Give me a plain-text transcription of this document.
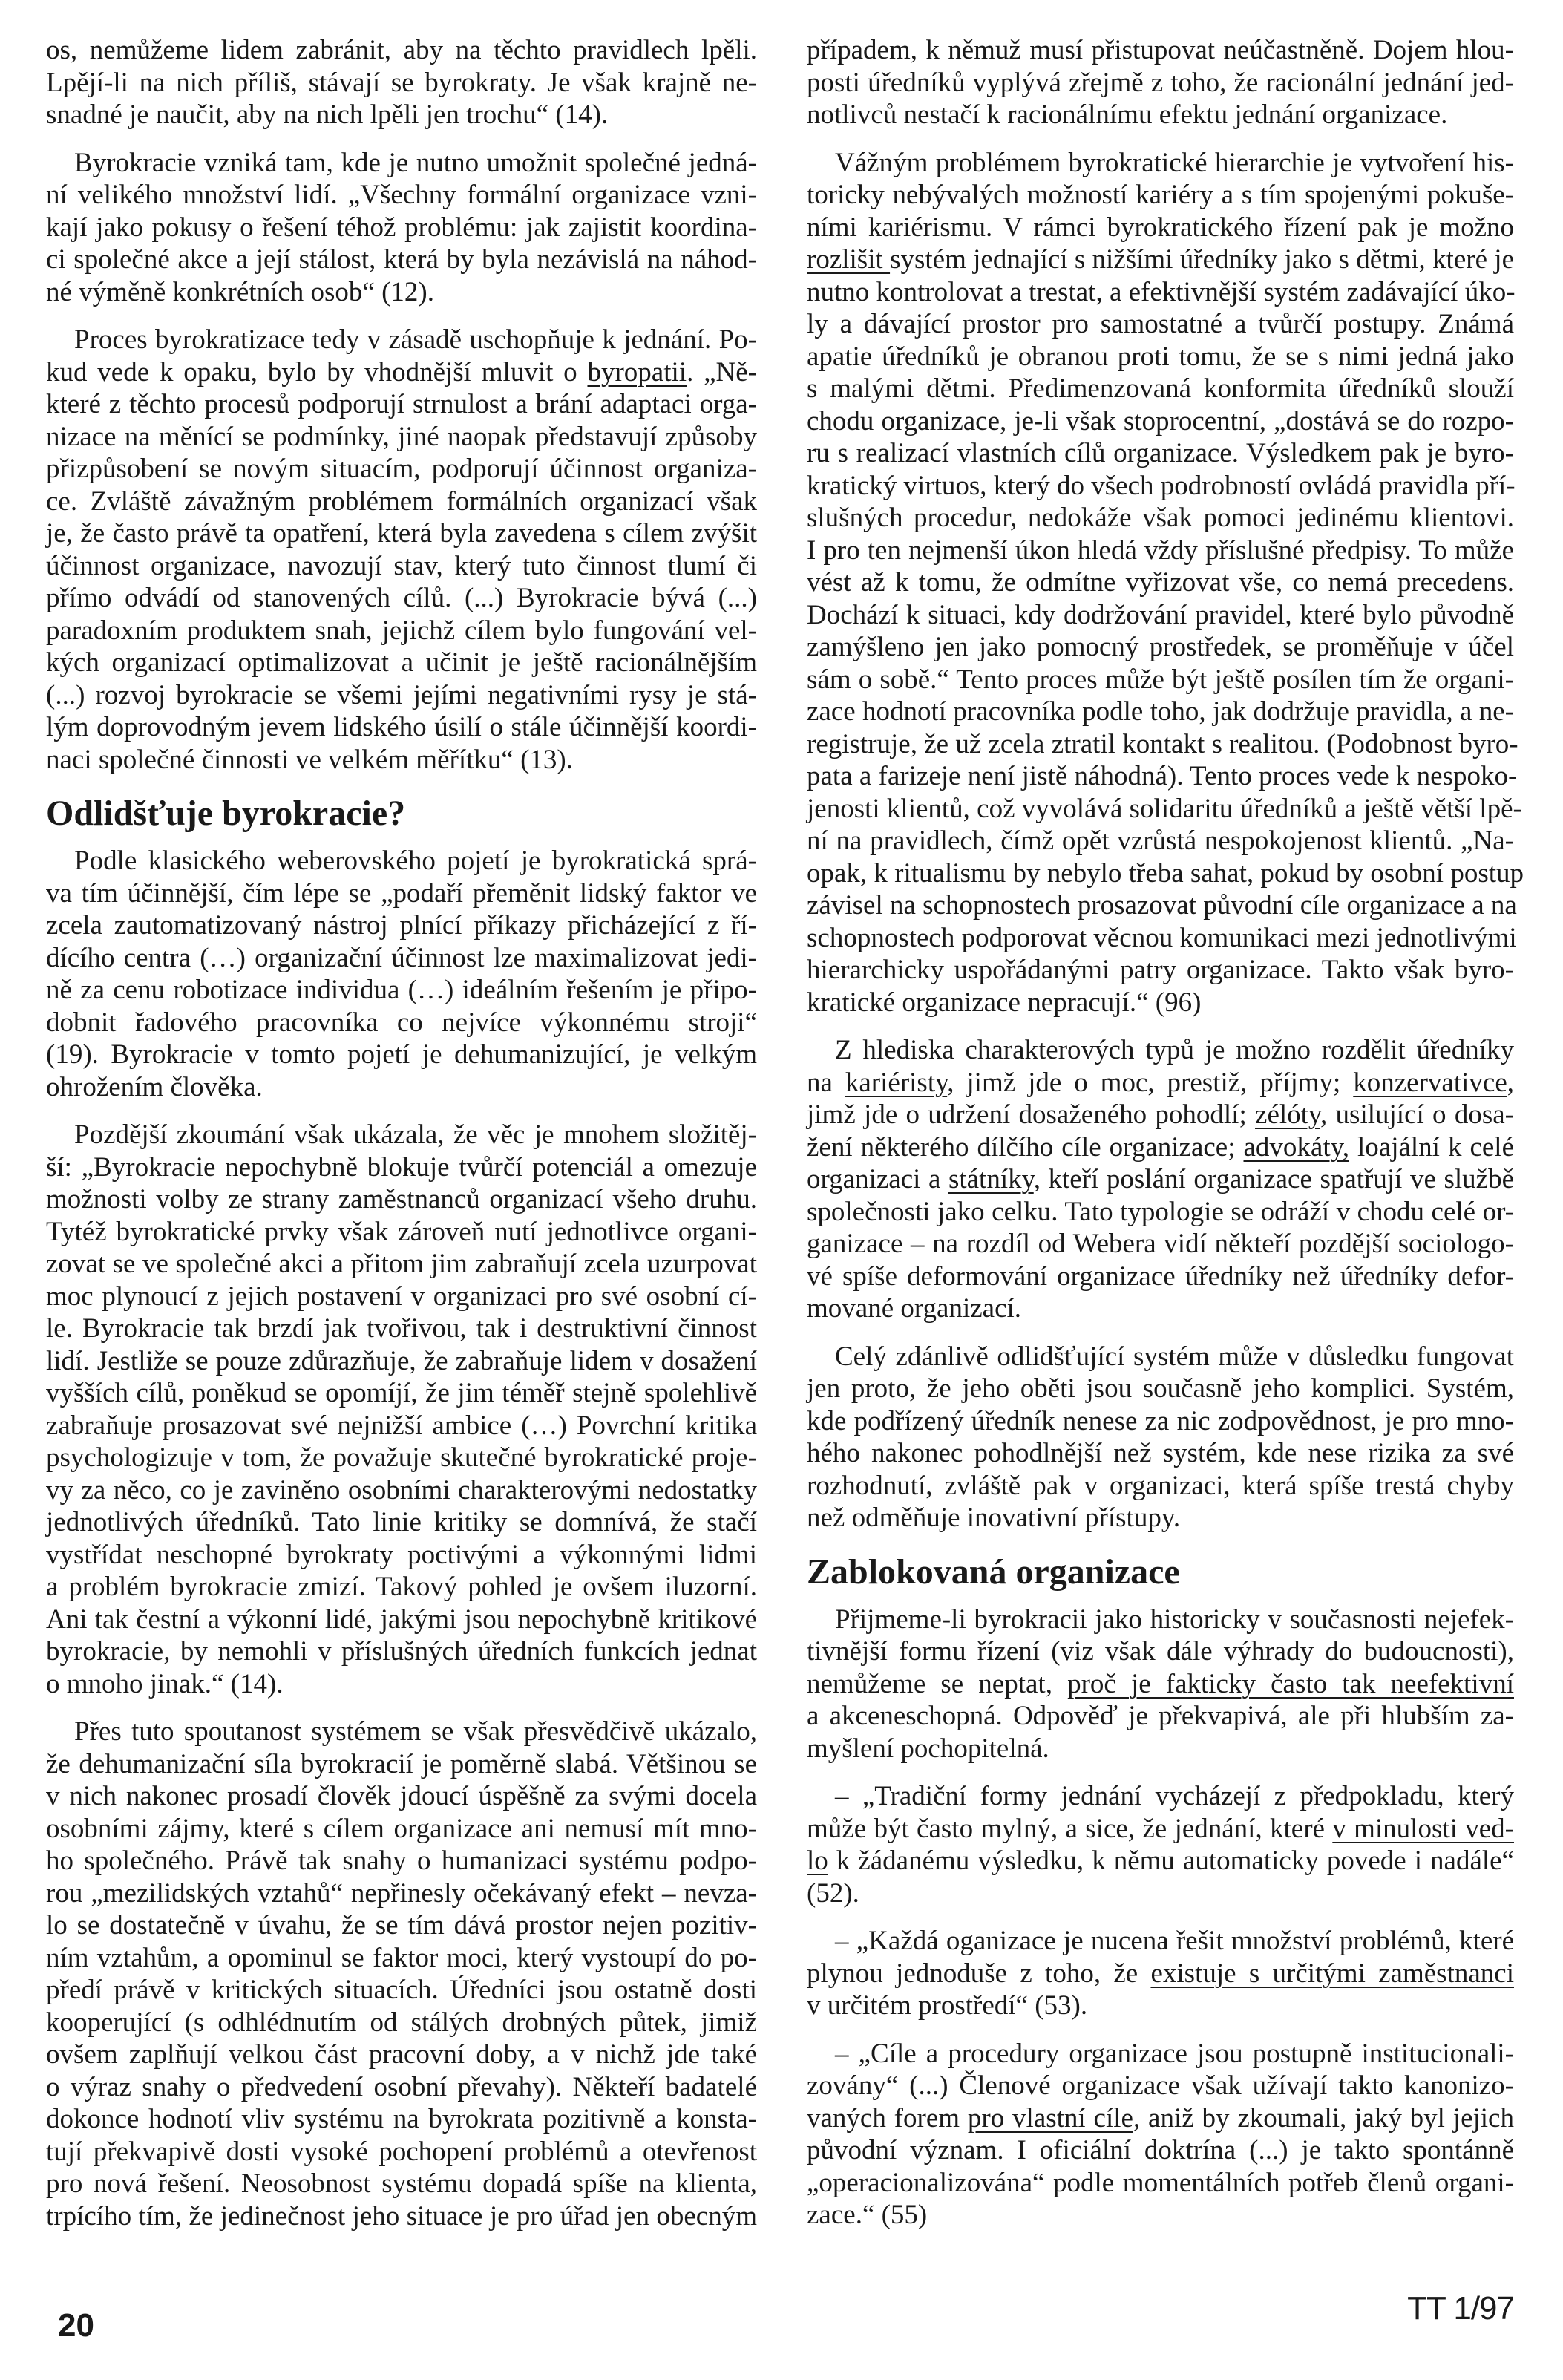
os, nemůžeme lidem zabránit, aby na těchto pravidlech lpěli.
Lpějí-li na nich příliš, stávají se byrokraty. Je však krajně ne-
snadné je naučit, aby na nich lpěli jen trochu“ (14).
Byrokracie vzniká tam, kde je nutno umožnit společné jedná-
ní velikého množství lidí. „Všechny formální organizace vzni-
kají jako pokusy o řešení téhož problému: jak zajistit koordina-
ci společné akce a její stálost, která by byla nezávislá na náhod-
né výměně konkrétních osob“ (12).
Proces byrokratizace tedy v zásadě uschopňuje k jednání. Po-
kud vede k opaku, bylo by vhodnější mluvit o byropatii. „Ně-
které z těchto procesů podporují strnulost a brání adaptaci orga-
nizace na měnící se podmínky, jiné naopak představují způsoby
přizpůsobení se novým situacím, podporují účinnost organiza-
ce. Zvláště závažným problémem formálních organizací však
je, že často právě ta opatření, která byla zavedena s cílem zvýšit
účinnost organizace, navozují stav, který tuto činnost tlumí či
přímo odvádí od stanovených cílů. (...) Byrokracie bývá (...)
paradoxním produktem snah, jejichž cílem bylo fungování vel-
kých organizací optimalizovat a učinit je ještě racionálnějším
(...) rozvoj byrokracie se všemi jejími negativními rysy je stá-
lým doprovodným jevem lidského úsilí o stále účinnější koordi-
naci společné činnosti ve velkém měřítku“ (13).
Odlidšťuje byrokracie?
Podle klasického weberovského pojetí je byrokratická sprá-
va tím účinnější, čím lépe se „podaří přeměnit lidský faktor ve
zcela zautomatizovaný nástroj plnící příkazy přicházející z ří-
dícího centra (…) organizační účinnost lze maximalizovat jedi-
ně za cenu robotizace individua (…) ideálním řešením je připo-
dobnit řadového pracovníka co nejvíce výkonnému stroji“
(19). Byrokracie v tomto pojetí je dehumanizující, je velkým
ohrožením člověka.
Pozdější zkoumání však ukázala, že věc je mnohem složitěj-
ší: „Byrokracie nepochybně blokuje tvůrčí potenciál a omezuje
možnosti volby ze strany zaměstnanců organizací všeho druhu.
Tytéž byrokratické prvky však zároveň nutí jednotlivce organi-
zovat se ve společné akci a přitom jim zabraňují zcela uzurpovat
moc plynoucí z jejich postavení v organizaci pro své osobní cí-
le. Byrokracie tak brzdí jak tvořivou, tak i destruktivní činnost
lidí. Jestliže se pouze zdůrazňuje, že zabraňuje lidem v dosažení
vyšších cílů, poněkud se opomíjí, že jim téměř stejně spolehlivě
zabraňuje prosazovat své nejnižší ambice (…) Povrchní kritika
psychologizuje v tom, že považuje skutečné byrokratické proje-
vy za něco, co je zaviněno osobními charakterovými nedostatky
jednotlivých úředníků. Tato linie kritiky se domnívá, že stačí
vystřídat neschopné byrokraty poctivými a výkonnými lidmi
a problém byrokracie zmizí. Takový pohled je ovšem iluzorní.
Ani tak čestní a výkonní lidé, jakými jsou nepochybně kritikové
byrokracie, by nemohli v příslušných úředních funkcích jednat
o mnoho jinak.“ (14).
Přes tuto spoutanost systémem se však přesvědčivě ukázalo,
že dehumanizační síla byrokracií je poměrně slabá. Většinou se
v nich nakonec prosadí člověk jdoucí úspěšně za svými docela
osobními zájmy, které s cílem organizace ani nemusí mít mno-
ho společného. Právě tak snahy o humanizaci systému podpo-
rou „mezilidských vztahů“ nepřinesly očekávaný efekt – nevza-
lo se dostatečně v úvahu, že se tím dává prostor nejen pozitiv-
ním vztahům, a opominul se faktor moci, který vystoupí do po-
předí právě v kritických situacích. Úředníci jsou ostatně dosti
kooperující (s odhlédnutím od stálých drobných půtek, jimiž
ovšem zaplňují velkou část pracovní doby, a v nichž jde také
o výraz snahy o předvedení osobní převahy). Někteří badatelé
dokonce hodnotí vliv systému na byrokrata pozitivně a konsta-
tují překvapivě dosti vysoké pochopení problémů a otevřenost
pro nová řešení. Neosobnost systému dopadá spíše na klienta,
trpícího tím, že jedinečnost jeho situace je pro úřad jen obecným
případem, k němuž musí přistupovat neúčastněně. Dojem hlou-
posti úředníků vyplývá zřejmě z toho, že racionální jednání jed-
notlivců nestačí k racionálnímu efektu jednání organizace.
Vážným problémem byrokratické hierarchie je vytvoření his-
toricky nebývalých možností kariéry a s tím spojenými pokuše-
ními kariérismu. V rámci byrokratického řízení pak je možno
rozlišit systém jednající s nižšími úředníky jako s dětmi, které je
nutno kontrolovat a trestat, a efektivnější systém zadávající úko-
ly a dávající prostor pro samostatné a tvůrčí postupy. Známá
apatie úředníků je obranou proti tomu, že se s nimi jedná jako
s malými dětmi. Předimenzovaná konformita úředníků slouží
chodu organizace, je-li však stoprocentní, „dostává se do rozpo-
ru s realizací vlastních cílů organizace. Výsledkem pak je byro-
kratický virtuos, který do všech podrobností ovládá pravidla pří-
slušných procedur, nedokáže však pomoci jedinému klientovi.
I pro ten nejmenší úkon hledá vždy příslušné předpisy. To může
vést až k tomu, že odmítne vyřizovat vše, co nemá precedens.
Dochází k situaci, kdy dodržování pravidel, které bylo původně
zamýšleno jen jako pomocný prostředek, se proměňuje v účel
sám o sobě.“ Tento proces může být ještě posílen tím že organi-
zace hodnotí pracovníka podle toho, jak dodržuje pravidla, a ne-
registruje, že už zcela ztratil kontakt s realitou. (Podobnost byro-
pata a farizeje není jistě náhodná). Tento proces vede k nespoko-
jenosti klientů, což vyvolává solidaritu úředníků a ještě větší lpě-
ní na pravidlech, čímž opět vzrůstá nespokojenost klientů. „Na-
opak, k ritualismu by nebylo třeba sahat, pokud by osobní postup
závisel na schopnostech prosazovat původní cíle organizace a na
schopnostech podporovat věcnou komunikaci mezi jednotlivými
hierarchicky uspořádanými patry organizace. Takto však byro-
kratické organizace nepracují.“ (96)
Z hlediska charakterových typů je možno rozdělit úředníky
na kariéristy, jimž jde o moc, prestiž, příjmy; konzervativce,
jimž jde o udržení dosaženého pohodlí; zélóty, usilující o dosa-
žení některého dílčího cíle organizace; advokáty, loajální k celé
organizaci a státníky, kteří poslání organizace spatřují ve službě
společnosti jako celku. Tato typologie se odráží v chodu celé or-
ganizace – na rozdíl od Webera vidí někteří pozdější sociologo-
vé spíše deformování organizace úředníky než úředníky defor-
mované organizací.
Celý zdánlivě odlidšťující systém může v důsledku fungovat
jen proto, že jeho oběti jsou současně jeho komplici. Systém,
kde podřízený úředník nenese za nic zodpovědnost, je pro mno-
hého nakonec pohodlnější než systém, kde nese rizika za své
rozhodnutí, zvláště pak v organizaci, která spíše trestá chyby
než odměňuje inovativní přístupy.
Zablokovaná organizace
Přijmeme-li byrokracii jako historicky v současnosti nejefek-
tivnější formu řízení (viz však dále výhrady do budoucnosti),
nemůžeme se neptat, proč je fakticky často tak neefektivní
a akceneschopná. Odpověď je překvapivá, ale při hlubším za-
myšlení pochopitelná.
– „Tradiční formy jednání vycházejí z předpokladu, který
může být často mylný, a sice, že jednání, které v minulosti ved-
lo k žádanému výsledku, k němu automaticky povede i nadále“
(52).
– „Každá oganizace je nucena řešit množství problémů, které
plynou jednoduše z toho, že existuje s určitými zaměstnanci
v určitém prostředí“ (53).
– „Cíle a procedury organizace jsou postupně institucionali-
zovány“ (...) Členové organizace však užívají takto kanonizo-
vaných forem pro vlastní cíle, aniž by zkoumali, jaký byl jejich
původní význam. I oficiální doktrína (...) je takto spontánně
„operacionalizována“ podle momentálních potřeb členů organi-
zace.“ (55)
20	TT 1/97
